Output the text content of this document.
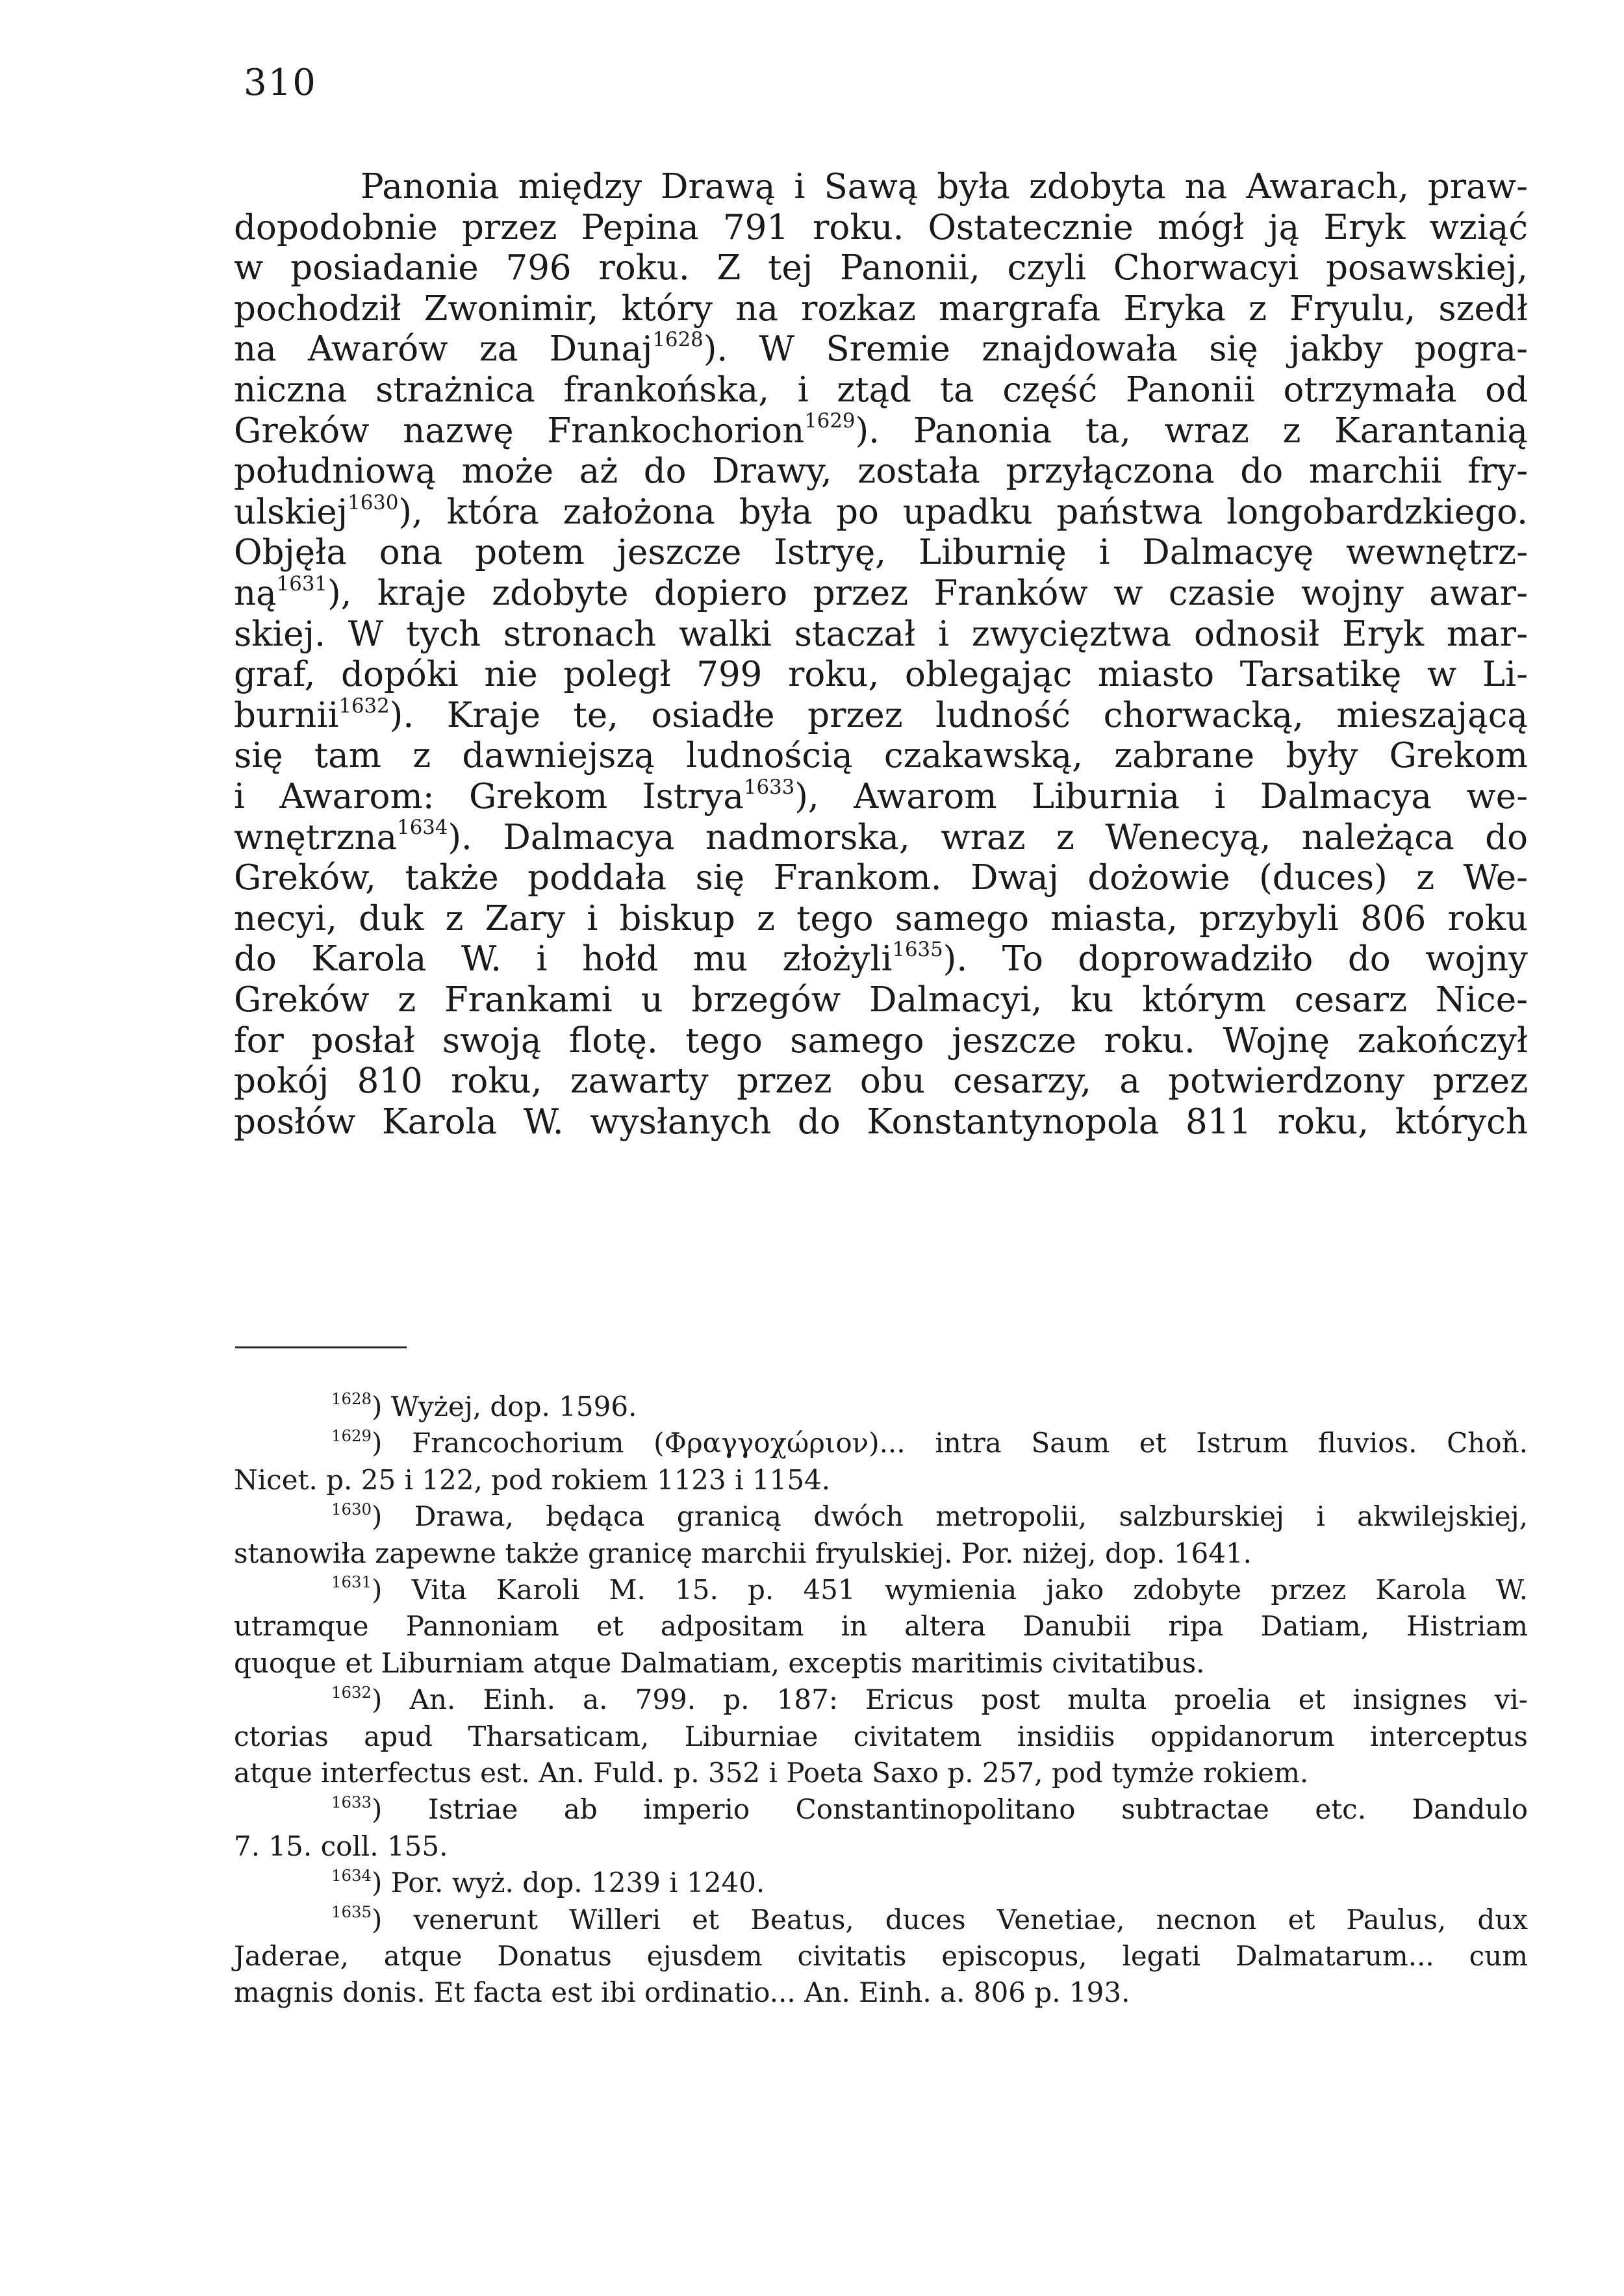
310
Panonia między Drawą i Sawą była zdobyta na Awarach, praw-
dopodobnie przez Pepina 791 roku. Ostatecznie mógł ją Eryk wziąć
w posiadanie 796 roku. Z tej Panonii, czyli Chorwacyi posawskiej,
pochodził Zwonimir, który na rozkaz margrafa Eryka z Fryulu, szedł
na Awarów za Dunaj$^{1628}$). W Sremie znajdowała się jakby pogra-
niczna strażnica frankońska, i ztąd ta część Panonii otrzymała od
Greków nazwę Frankochorion$^{1629}$). Panonia ta, wraz z Karantanią
południową może aż do Drawy, została przyłączona do marchii fry-
ulskiej$^{1630}$), która założona była po upadku państwa longobardzkiego.
Objęła ona potem jeszcze Istryę, Liburnię i Dalmacyę wewnętrz-
$ną^{1631}$), kraje zdobyte dopiero przez Franków w czasie wojny awar-
skiej. W tych stronach walki staczał i zwycięztwa odnosił Eryk mar-
graf, dopóki nie poległ 799 roku, oblegając miasto Tarsatikę w Li-
burnii$^{1632}$). Kraje te, osiadłe przez ludność chorwacką, mieszającą
się tam z dawniejszą ludnością czakawską, zabrane były Grekom
i Awarom: Grekom Istrya$^{1633}$), Awarom Liburnia i Dalmacya we-
wnętrzna$^{1634}$). Dalmacya nadmorska, wraz z Wenecyą, należąca do
Greków, także poddała się Frankom. Dwaj dożowie (duces) z We-
necyi, duk z Zary i biskup z tego samego miasta, przybyli 806 roku
do Karola W. i hołd mu złożyli$^{1635}$). To doprowadziło do wojny
Greków z Frankami u brzegów Dalmacyi, ku którym cesarz Nice-
for posłał swoją flotę. tego samego jeszcze roku. Wojnę zakończył
pokój 810 roku, zawarty przez obu cesarzy, a potwierdzony przez
posłów Karola W. wysłanych do Konstantynopola 811 roku, których
$^{1628}$) Wyżej, dop. 1596.
$^{1629}$) Francochorium (Φραγγοχώριον)... intra Saum et Istrum fluvios. Choň.
Nicet. p. 25 i 122, pod rokiem 1123 i 1154.
$^{1630}$) Drawa, będąca granicą dwóch metropolii, salzburskiej i akwilejskiej,
stanowiła zapewne także granicę marchii fryulskiej. Por. niżej, dop. 1641.
$^{1631}$) Vita Karoli M. 15. p. 451 wymienia jako zdobyte przez Karola W.
utramque Pannoniam et adpositam in altera Danubii ripa Datiam, Histriam
quoque et Liburniam atque Dalmatiam, exceptis maritimis civitatibus.
$^{1632}$) An. Einh. a. 799. p. 187: Ericus post multa proelia et insignes vi-
ctorias apud Tharsaticam, Liburniae civitatem insidiis oppidanorum interceptus
atque interfectus est. An. Fuld. p. 352 i Poeta Saxo p. 257, pod tymże rokiem.
$^{1633}$) Istriae ab imperio Constantinopolitano subtractae etc. Dandulo
7. 15. coll. 155.
$^{1634}$) Por. wyż. dop. 1239 i 1240.
$^{1635}$) venerunt Willeri et Beatus, duces Venetiae, necnon et Paulus, dux
Jaderae, atque Donatus ejusdem civitatis episcopus, legati Dalmatarum... cum
magnis donis. Et facta est ibi ordinatio... An. Einh. a. 806 p. 193.
